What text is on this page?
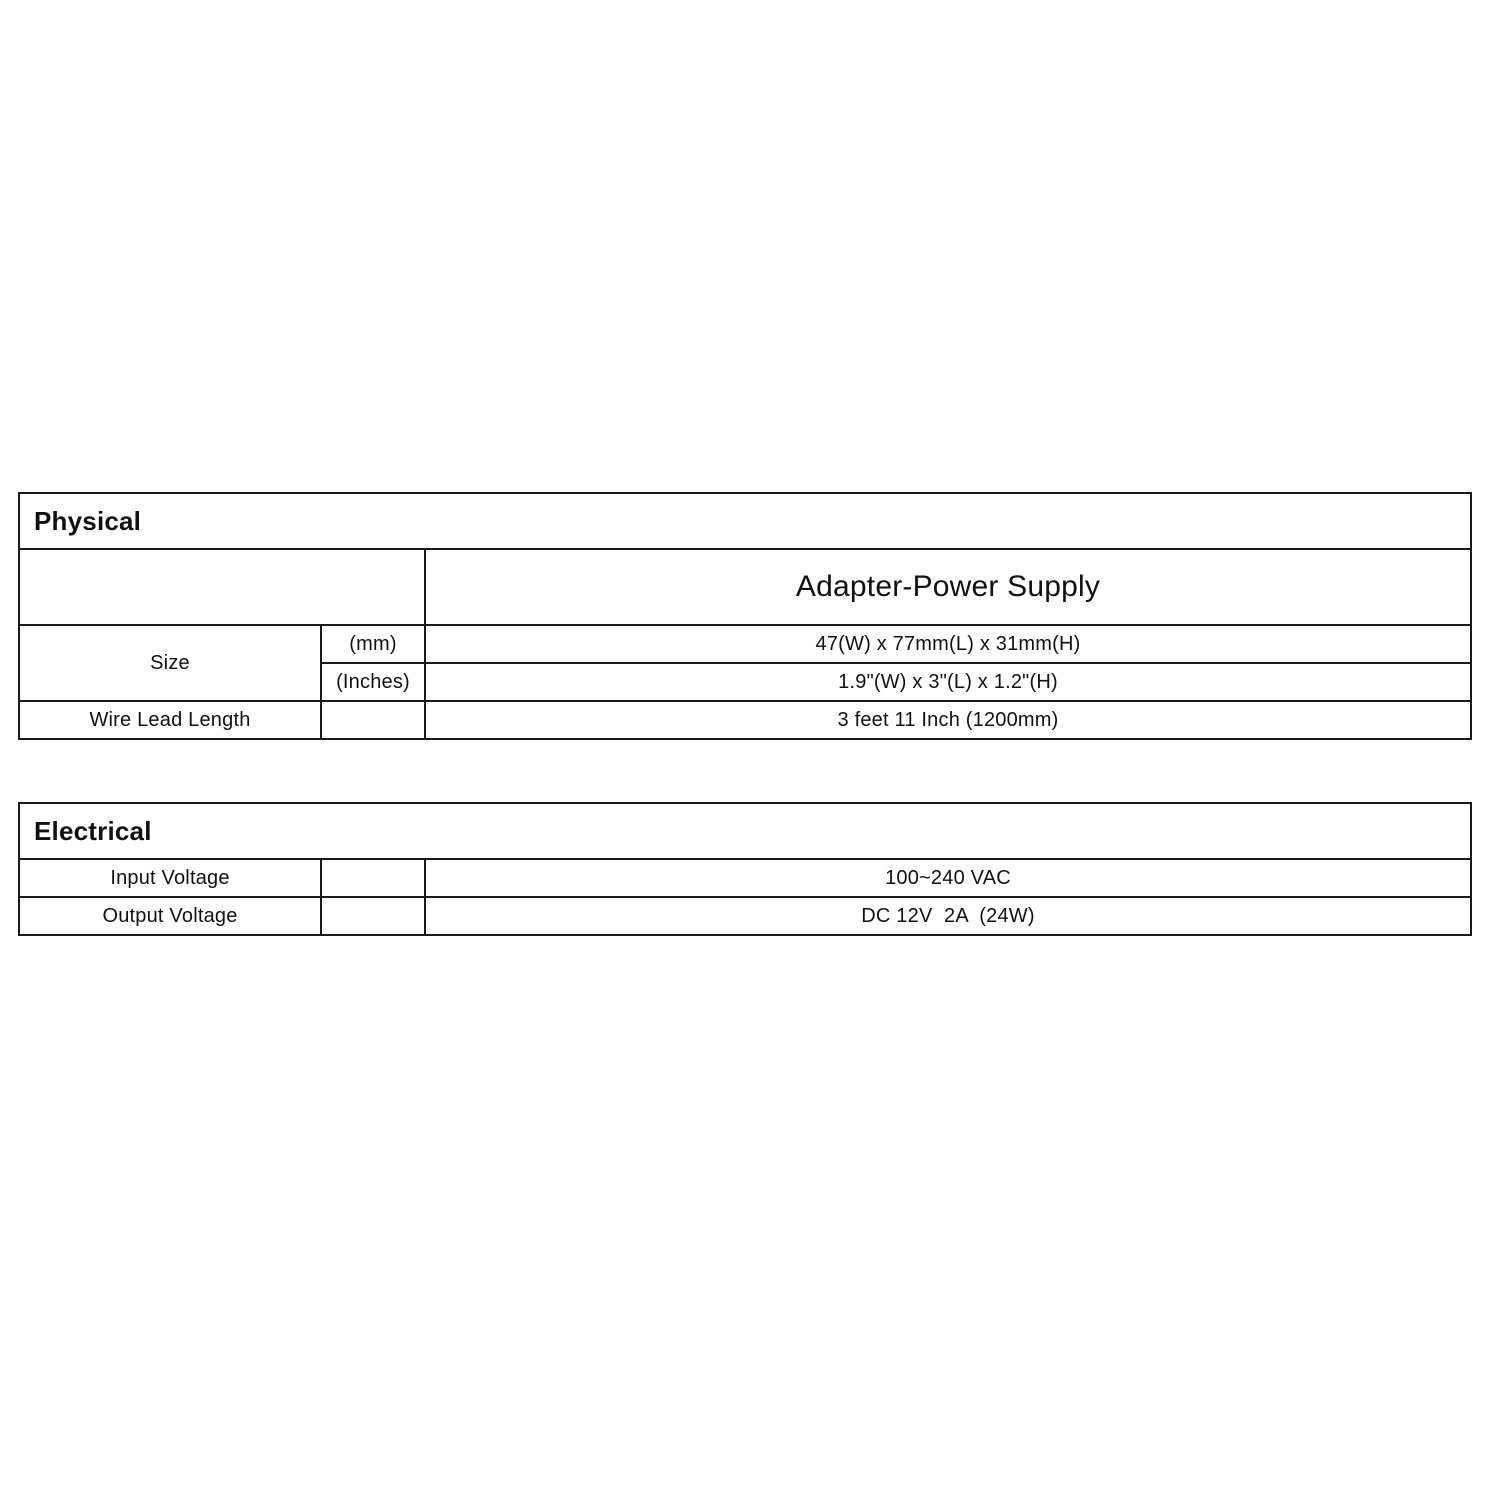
Physical		
		Adapter-Power Supply
Size	(mm)	47(W) x 77mm(L) x 31mm(H)
	(Inches)	1.9"(W) x 3"(L) x 1.2"(H)
Wire Lead Length		3 feet 11 Inch (1200mm)
Electrical		
Input Voltage		100~240 VAC
Output Voltage		DC 12V  2A  (24W)
